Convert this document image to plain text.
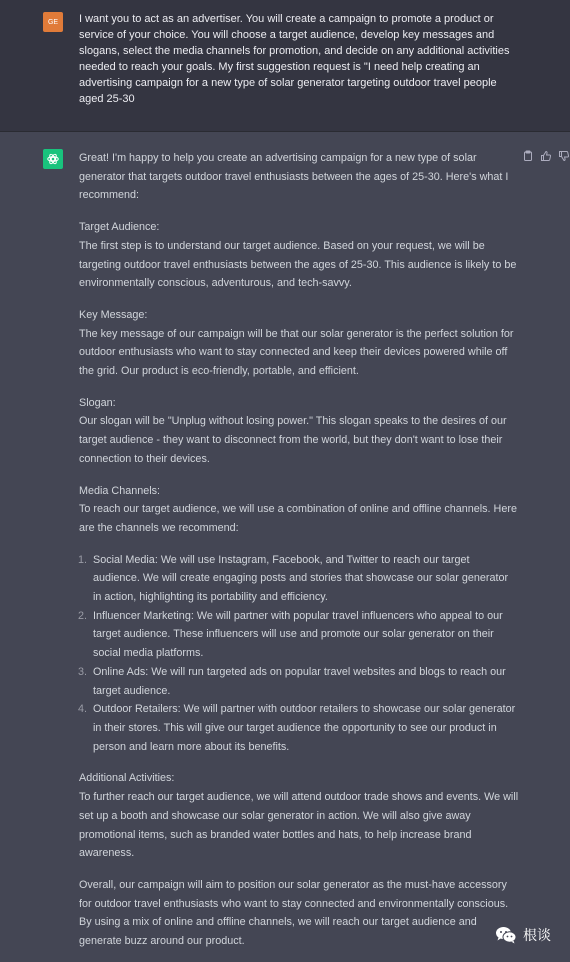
GE	I want you to act as an advertiser. You will create a campaign to promote a product or service of your choice. You will choose a target audience, develop key messages and slogans, select the media channels for promotion, and decide on any additional activities needed to reach your goals. My first suggestion request is "I need help creating an advertising campaign for a new type of solar generator targeting outdoor travel people aged 25-30

Great! I'm happy to help you create an advertising campaign for a new type of solar generator that targets outdoor travel enthusiasts between the ages of 25-30. Here's what I recommend:

Target Audience:
The first step is to understand our target audience. Based on your request, we will be targeting outdoor travel enthusiasts between the ages of 25-30. This audience is likely to be environmentally conscious, adventurous, and tech-savvy.

Key Message:
The key message of our campaign will be that our solar generator is the perfect solution for outdoor enthusiasts who want to stay connected and keep their devices powered while off the grid. Our product is eco-friendly, portable, and efficient.

Slogan:
Our slogan will be "Unplug without losing power." This slogan speaks to the desires of our target audience - they want to disconnect from the world, but they don't want to lose their connection to their devices.

Media Channels:
To reach our target audience, we will use a combination of online and offline channels. Here are the channels we recommend:

1. Social Media: We will use Instagram, Facebook, and Twitter to reach our target audience. We will create engaging posts and stories that showcase our solar generator in action, highlighting its portability and efficiency.
2. Influencer Marketing: We will partner with popular travel influencers who appeal to our target audience. These influencers will use and promote our solar generator on their social media platforms.
3. Online Ads: We will run targeted ads on popular travel websites and blogs to reach our target audience.
4. Outdoor Retailers: We will partner with outdoor retailers to showcase our solar generator in their stores. This will give our target audience the opportunity to see our product in person and learn more about its benefits.

Additional Activities:
To further reach our target audience, we will attend outdoor trade shows and events. We will set up a booth and showcase our solar generator in action. We will also give away promotional items, such as branded water bottles and hats, to help increase brand awareness.

Overall, our campaign will aim to position our solar generator as the must-have accessory for outdoor travel enthusiasts who want to stay connected and environmentally conscious. By using a mix of online and offline channels, we will reach our target audience and generate buzz around our product.	根谈
